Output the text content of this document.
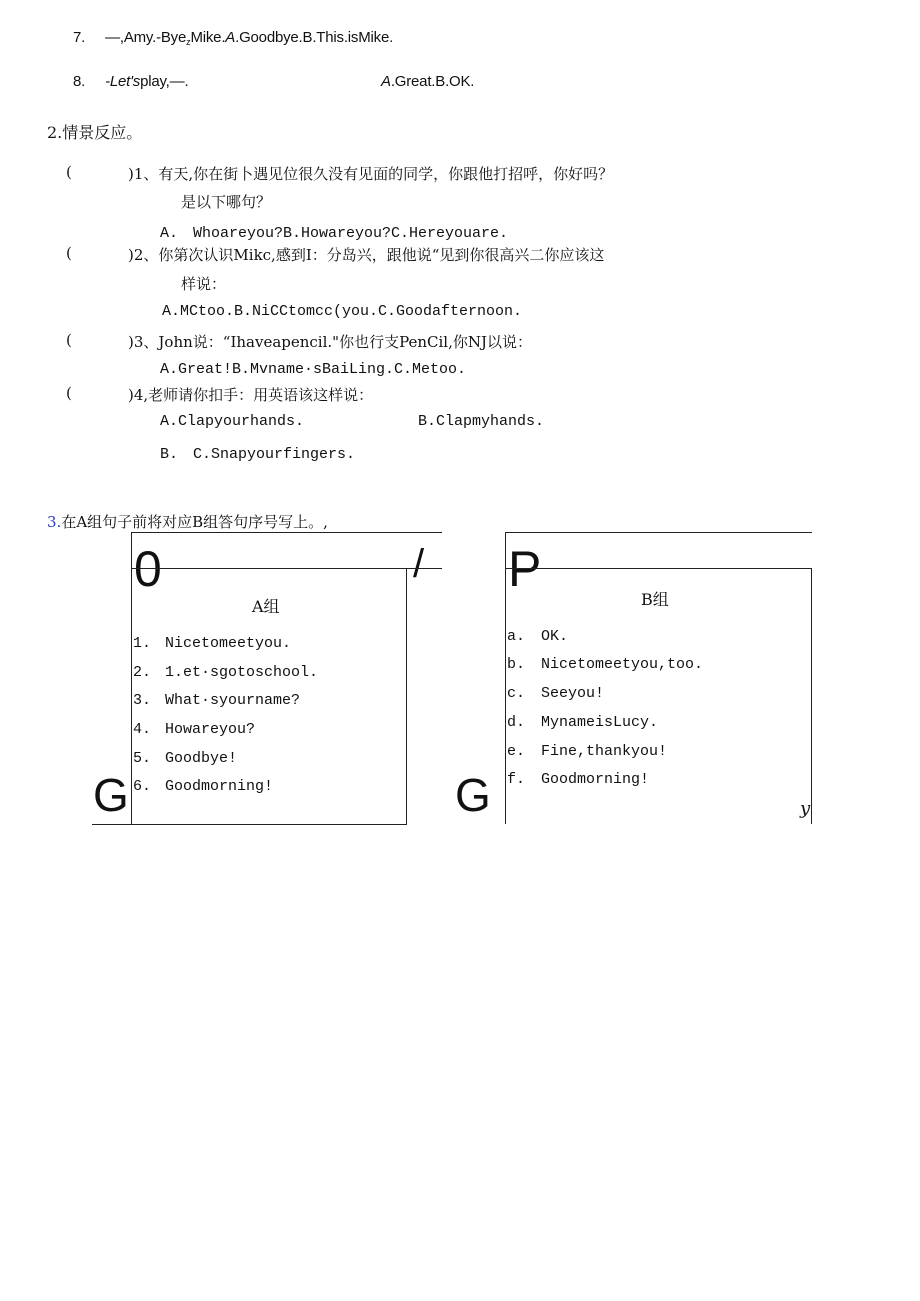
7. —,Amy.-Bye$_z$Mike.A.Goodbye.B.This.isMike.
8. -Let'splay,—.	A.Great.B.OK.
2.情景反应。
(	)1、有天,你在街卜遇见位很久没有见面的同学，你跟他打招呼，你好吗？
是以下哪句？
A.　Whoareyou?B.Howareyou?C.Hereyouare.
(	)2、你第次认识Mikc,感到I：分岛兴，跟他说“见到你很高兴二你应该这
样说：
A.MCtoo.B.NiCCtomcc(you.C.Goodafternoon.
(	)3、John说：“Ihaveapencil."你也行支PenCil,你NJ以说：
A.Great!B.Mvname·sBaiLing.C.Metoo.
(	)4,老师请你扣手：用英语该这样说：
A.Clapyourhands.	B.Clapmyhands.
B.　C.Snapyourfingers.
3.在A组句子前将对应B组答句序号写上。,
0	/ P
A组
1. Nicetomeetyou.
2. 1.et·sgotoschool.
3. What·syourname?
4. Howareyou?
5. Goodbye!
6. Goodmorning!
G
B组
a. OK.
b. Nicetomeetyou,too.
c. Seeyou!
d. MynameisLucy.
e. Fine,thankyou!
f. Goodmorning!
G	y
